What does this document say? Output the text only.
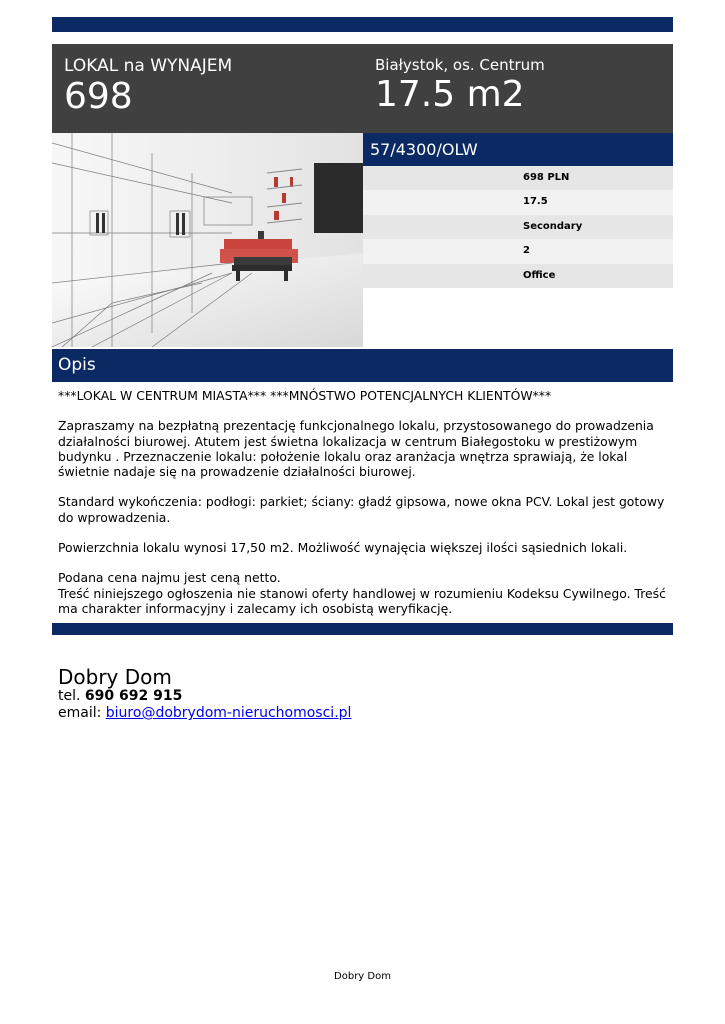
LOKAL na WYNAJEM
698
Białystok, os. Centrum
17.5 m2
57/4300/OLW
698 PLN
17.5
Secondary
2
Office
Opis

***LOKAL W CENTRUM MIASTA*** ***MNÓSTWO POTENCJALNYCH KLIENTÓW***

Zapraszamy na bezpłatną prezentację funkcjonalnego lokalu, przystosowanego do prowadzenia działalności biurowej. Atutem jest świetna lokalizacja w centrum Białegostoku w prestiżowym budynku . Przeznaczenie lokalu: położenie lokalu oraz aranżacja wnętrza sprawiają, że lokal świetnie nadaje się na prowadzenie działalności biurowej.

Standard wykończenia: podłogi: parkiet; ściany: gładź gipsowa, nowe okna PCV. Lokal jest gotowy do wprowadzenia.

Powierzchnia lokalu wynosi 17,50 m2. Możliwość wynajęcia większej ilości sąsiednich lokali.

Podana cena najmu jest ceną netto.
Treść niniejszego ogłoszenia nie stanowi oferty handlowej w rozumieniu Kodeksu Cywilnego. Treść ma charakter informacyjny i zalecamy ich osobistą weryfikację.

Dobry Dom
tel. 690 692 915
email: biuro@dobrydom-nieruchomosci.pl
Dobry Dom
